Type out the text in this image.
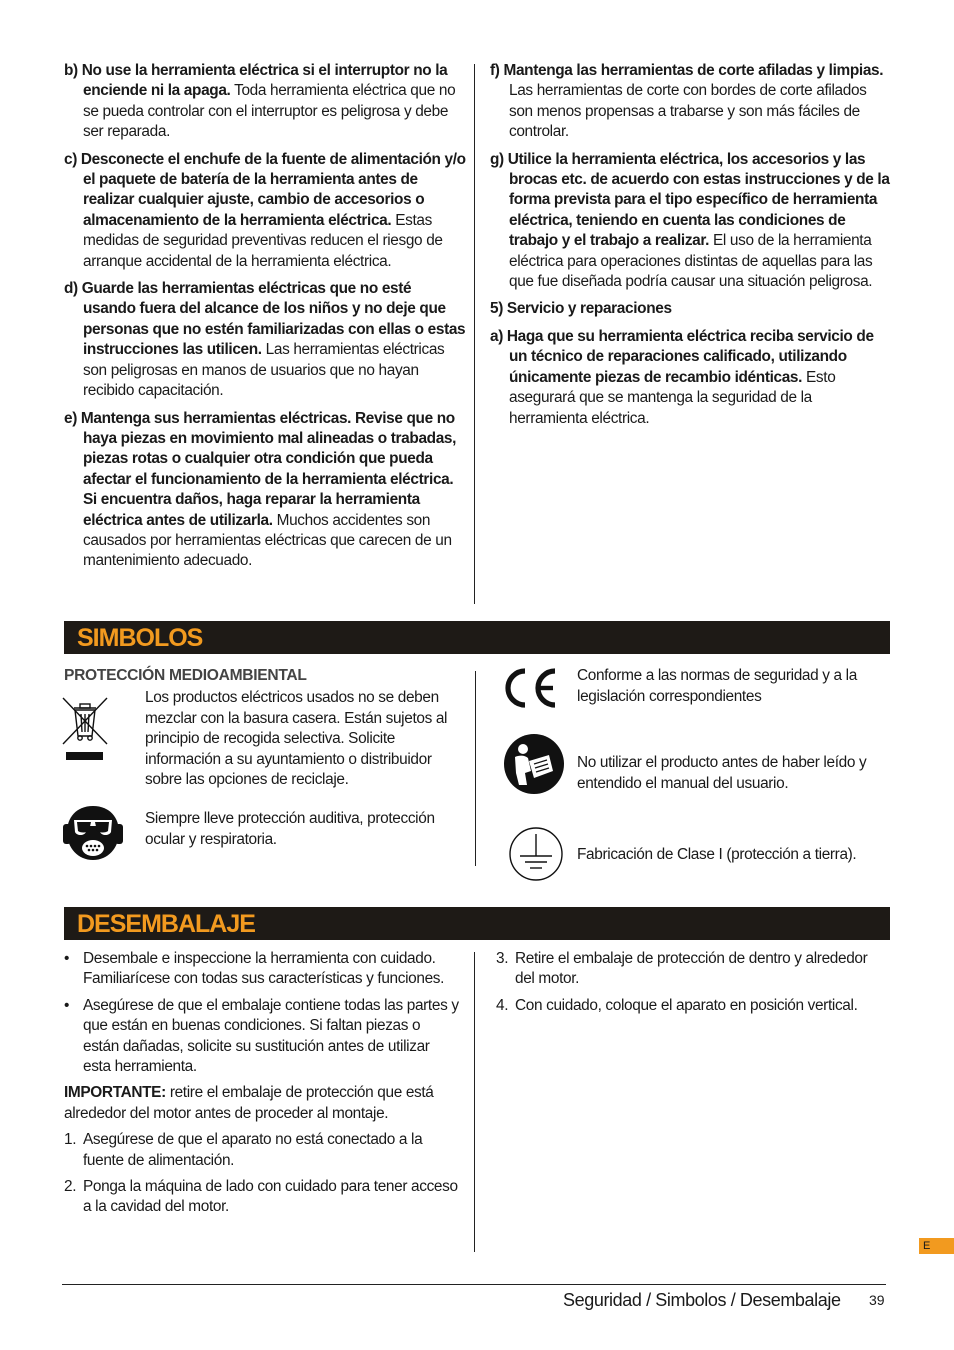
b) No use la herramienta eléctrica si el interruptor no la enciende ni la apaga. Toda herramienta eléctrica que no se pueda controlar con el interruptor es peligrosa y debe ser reparada.

c) Desconecte el enchufe de la fuente de alimentación y/o el paquete de batería de la herramienta antes de realizar cualquier ajuste, cambio de accesorios o almacenamiento de la herramienta eléctrica. Estas medidas de seguridad preventivas reducen el riesgo de arranque accidental de la herramienta eléctrica.

d) Guarde las herramientas eléctricas que no esté usando fuera del alcance de los niños y no deje que personas que no estén familiarizadas con ellas o estas instrucciones las utilicen. Las herramientas eléctricas son peligrosas en manos de usuarios que no hayan recibido capacitación.

e) Mantenga sus herramientas eléctricas. Revise que no haya piezas en movimiento mal alineadas o trabadas, piezas rotas o cualquier otra condición que pueda afectar el funcionamiento de la herramienta eléctrica. Si encuentra daños, haga reparar la herramienta eléctrica antes de utilizarla. Muchos accidentes son causados por herramientas eléctricas que carecen de un mantenimiento adecuado.

f) Mantenga las herramientas de corte afiladas y limpias. Las herramientas de corte con bordes de corte afilados son menos propensas a trabarse y son más fáciles de controlar.

g) Utilice la herramienta eléctrica, los accesorios y las brocas etc. de acuerdo con estas instrucciones y de la forma prevista para el tipo específico de herramienta eléctrica, teniendo en cuenta las condiciones de trabajo y el trabajo a realizar. El uso de la herramienta eléctrica para operaciones distintas de aquellas para las que fue diseñada podría causar una situación peligrosa.

5) Servicio y reparaciones

a) Haga que su herramienta eléctrica reciba servicio de un técnico de reparaciones calificado, utilizando únicamente piezas de recambio idénticas. Esto asegurará que se mantenga la seguridad de la herramienta eléctrica.

SIMBOLOS
PROTECCIÓN MEDIOAMBIENTAL
Los productos eléctricos usados no se deben mezclar con la basura casera. Están sujetos al principio de recogida selectiva. Solicite información a su ayuntamiento o distribuidor sobre las opciones de reciclaje.
Siempre lleve protección auditiva, protección ocular y respiratoria.
Conforme a las normas de seguridad y a la legislación correspondientes
No utilizar el producto antes de haber leído y entendido el manual del usuario.
Fabricación de Clase I (protección a tierra).
DESEMBALAJE
• Desembale e inspeccione la herramienta con cuidado. Familiarícese con todas sus características y funciones.
• Asegúrese de que el embalaje contiene todas las partes y que están en buenas condiciones. Si faltan piezas o están dañadas, solicite su sustitución antes de utilizar esta herramienta.

IMPORTANTE: retire el embalaje de protección que está alrededor del motor antes de proceder al montaje.

1. Asegúrese de que el aparato no está conectado a la fuente de alimentación.
2. Ponga la máquina de lado con cuidado para tener acceso a la cavidad del motor.
3. Retire el embalaje de protección de dentro y alrededor del motor.
4. Con cuidado, coloque el aparato en posición vertical.
E
Seguridad / Simbolos / Desembalaje 39
